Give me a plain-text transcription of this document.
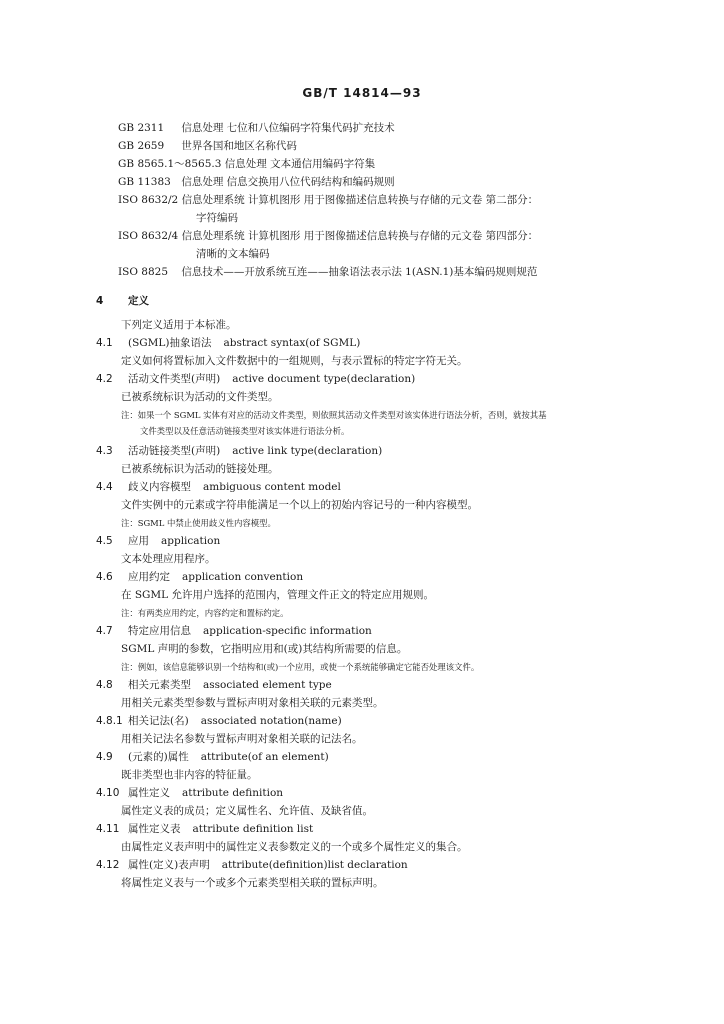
GB/T 14814—93
GB 2311 信息处理 七位和八位编码字符集代码扩充技术
GB 2659 世界各国和地区名称代码
GB 8565.1～8565.3 信息处理 文本通信用编码字符集
GB 11383 信息处理 信息交换用八位代码结构和编码规则
ISO 8632/2 信息处理系统 计算机图形 用于图像描述信息转换与存储的元文卷 第二部分：
字符编码
ISO 8632/4 信息处理系统 计算机图形 用于图像描述信息转换与存储的元文卷 第四部分：
清晰的文本编码
ISO 8825 信息技术——开放系统互连——抽象语法表示法 1(ASN.1)基本编码规则规范
4 定义
下列定义适用于本标准。
4.1 (SGML)抽象语法 abstract syntax(of SGML)
定义如何将置标加入文件数据中的一组规则，与表示置标的特定字符无关。
4.2 活动文件类型(声明) active document type(declaration)
已被系统标识为活动的文件类型。
注：如果一个 SGML 实体有对应的活动文件类型，则依照其活动文件类型对该实体进行语法分析，否则，就按其基
文件类型以及任意活动链接类型对该实体进行语法分析。
4.3 活动链接类型(声明) active link type(declaration)
已被系统标识为活动的链接处理。
4.4 歧义内容模型 ambiguous content model
文件实例中的元素或字符串能满足一个以上的初始内容记号的一种内容模型。
注：SGML 中禁止使用歧义性内容模型。
4.5 应用 application
文本处理应用程序。
4.6 应用约定 application convention
在 SGML 允许用户选择的范围内，管理文件正文的特定应用规则。
注：有两类应用约定，内容约定和置标约定。
4.7 特定应用信息 application-specific information
SGML 声明的参数，它指明应用和(或)其结构所需要的信息。
注：例如，该信息能够识别一个结构和(或)一个应用，或使一个系统能够确定它能否处理该文件。
4.8 相关元素类型 associated element type
用相关元素类型参数与置标声明对象相关联的元素类型。
4.8.1 相关记法(名) associated notation(name)
用相关记法名参数与置标声明对象相关联的记法名。
4.9 (元素的)属性 attribute(of an element)
既非类型也非内容的特征量。
4.10 属性定义 attribute definition
属性定义表的成员；定义属性名、允许值、及缺省值。
4.11 属性定义表 attribute definition list
由属性定义表声明中的属性定义表参数定义的一个或多个属性定义的集合。
4.12 属性(定义)表声明 attribute(definition)list declaration
将属性定义表与一个或多个元素类型相关联的置标声明。
